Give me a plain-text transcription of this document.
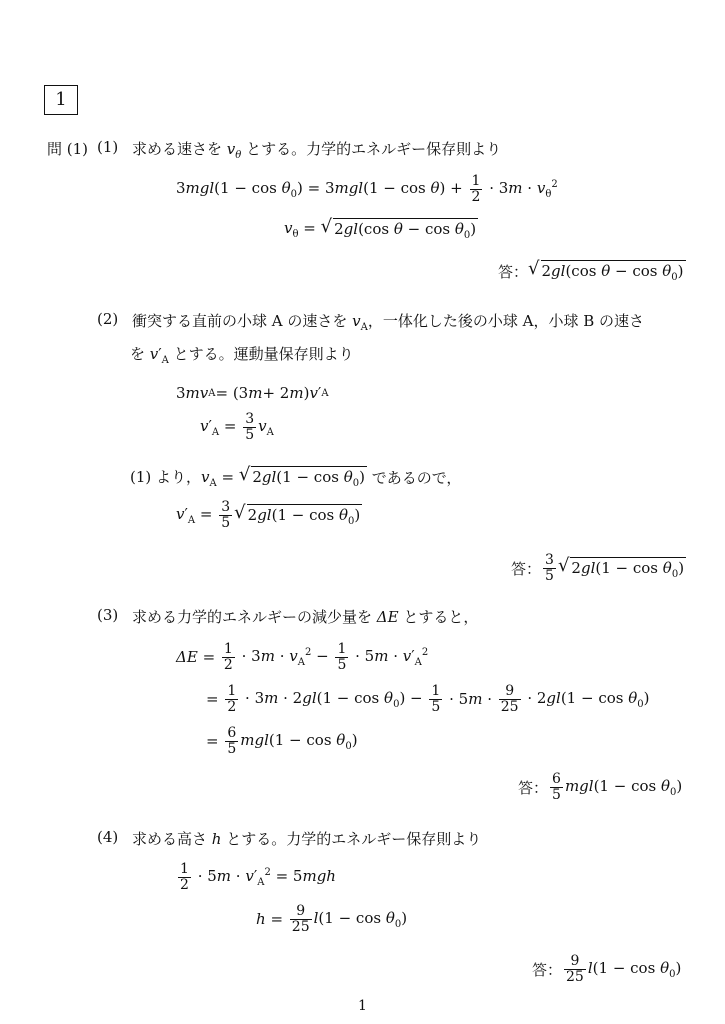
1
問 (1) (1) 求める速さを $v_\theta$ とする。力学的エネルギー保存則より
$3mgl(1 - \cos \theta_0) = 3mgl(1 - \cos \theta) + \frac{1}{2} \cdot 3m \cdot v_\theta^2$
$v_\theta$ = √ 2gl(cos $\theta - \cos \theta_0$)
答： √ 2gl(cos $\theta - \cos \theta_0$)
(2) 衝突する直前の小球 A の速さを $v_A$，一体化した後の小球 A，小球 B の速さ
を $v'_A$ とする。運動量保存則より
3 mv A = (3 m + 2 m ) v ′ A
$v'_A = \frac{3}{5} v_A$
(1) より，$v_A$ = √ $2gl(1 - \cos \theta_0)$ であるので，
$v'_A = \frac{3}{5}$ √ $2gl(1 - \cos \theta_0)$
答： $\frac{3}{5}$ √ $2gl(1 - \cos \theta_0)$
(3) 求める力学的エネルギーの減少量を ΔE とすると，
$\Delta E = \frac{1}{2} \cdot 3m \cdot v_A^2 - \frac{1}{5} \cdot 5m \cdot v'_A^2$
= $\frac{1}{2} \cdot 3m \cdot 2gl(1 - \cos \theta_0) - \frac{1}{5} \cdot 5m \cdot \frac{9}{25} \cdot 2gl(1 - \cos \theta_0)$
= $\frac{6}{5} mgl(1 - \cos \theta_0)$
答： $\frac{6}{5} mgl(1 - \cos \theta_0)$
(4) 求める高さ h とする。力学的エネルギー保存則より
$\frac{1}{2} \cdot 5m \cdot v'_A^2 = 5mgh$
$h = \frac{9}{25} l(1 - \cos \theta_0)$
答： $\frac{9}{25} l(1 - \cos \theta_0)$
1
